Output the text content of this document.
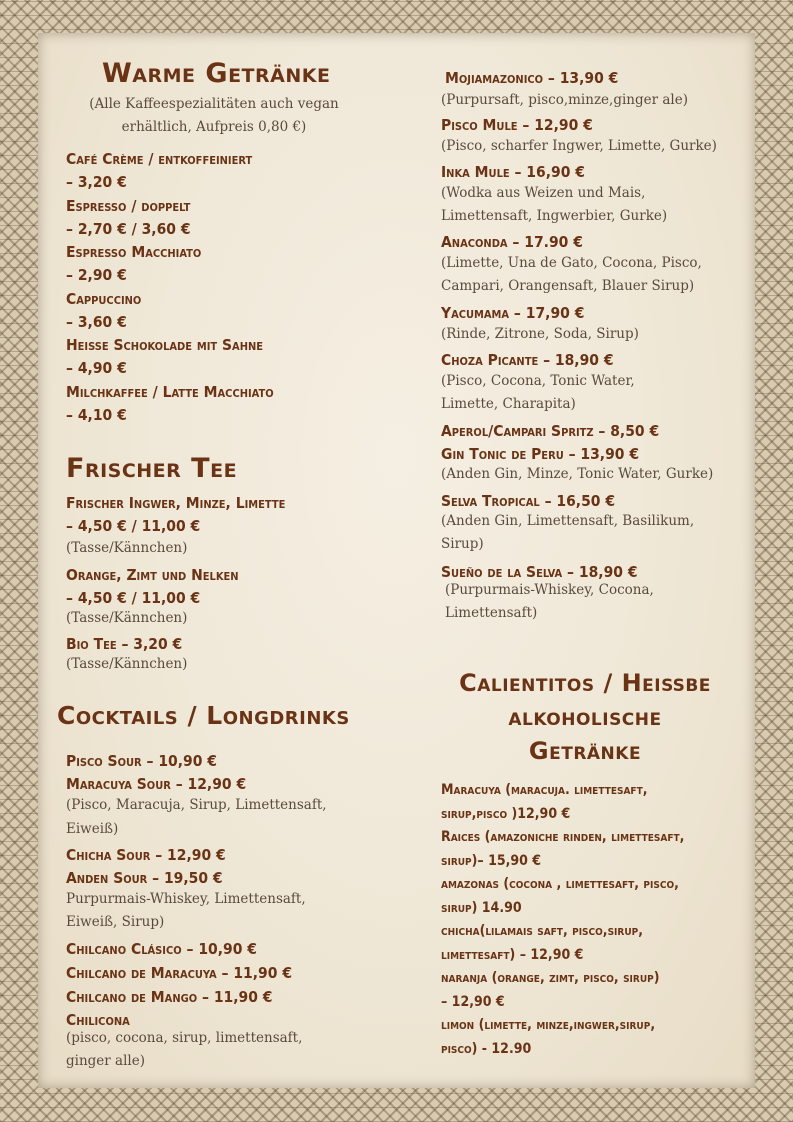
Warme Getränke
(Alle Kaffeespezialitäten auch vegan
erhältlich, Aufpreis 0,80 €)
Café Crème / entkoffeiniert
– 3,20 €
Espresso / doppelt
– 2,70 € / 3,60 €
Espresso Macchiato
– 2,90 €
Cappuccino
– 3,60 €
Heiße Schokolade mit Sahne
– 4,90 €
Milchkaffee / Latte Macchiato
– 4,10 €
Frischer Tee
Frischer Ingwer, Minze, Limette
– 4,50 € / 11,00 €
(Tasse/Kännchen)
Orange, Zimt und Nelken
– 4,50 € / 11,00 €
(Tasse/Kännchen)
Bio Tee – 3,20 €
(Tasse/Kännchen)
Cocktails / Longdrinks
Pisco Sour – 10,90 €
Maracuya Sour – 12,90 €
(Pisco, Maracuja, Sirup, Limettensaft,
Eiweiß)
Chicha Sour – 12,90 €
Anden Sour – 19,50 €
Purpurmais-Whiskey, Limettensaft,
Eiweiß, Sirup)
Chilcano Clásico – 10,90 €
Chilcano de Maracuya – 11,90 €
Chilcano de Mango – 11,90 €
Chilicona
(pisco, cocona, sirup, limettensaft,
ginger alle)
Mojiamazonico – 13,90 €
(Purpursaft, pisco,minze,ginger ale)
Pisco Mule – 12,90 €
(Pisco, scharfer Ingwer, Limette, Gurke)
Inka Mule – 16,90 €
(Wodka aus Weizen und Mais,
Limettensaft, Ingwerbier, Gurke)
Anaconda – 17.90 €
(Limette, Una de Gato, Cocona, Pisco,
Campari, Orangensaft, Blauer Sirup)
Yacumama – 17,90 €
(Rinde, Zitrone, Soda, Sirup)
Choza Picante – 18,90 €
(Pisco, Cocona, Tonic Water,
Limette, Charapita)
Aperol/Campari Spritz – 8,50 €
Gin Tonic de Peru – 13,90 €
(Anden Gin, Minze, Tonic Water, Gurke)
Selva Tropical – 16,50 €
(Anden Gin, Limettensaft, Basilikum,
Sirup)
Sueño de la Selva – 18,90 €
(Purpurmais-Whiskey, Cocona,
Limettensaft)
Calientitos / Heißbe
alkoholische
Getränke
Maracuya (maracuja. limettesaft,
sirup,pisco )12,90 €
Raices (amazoniche rinden, limettesaft,
sirup)– 15,90 €
amazonas (cocona , limettesaft, pisco,
sirup) 14.90
chicha(lilamais saft, pisco,sirup,
limettesaft) – 12,90 €
naranja (orange, zimt, pisco, sirup)
– 12,90 €
limon (limette, minze,ingwer,sirup,
pisco) - 12.90
